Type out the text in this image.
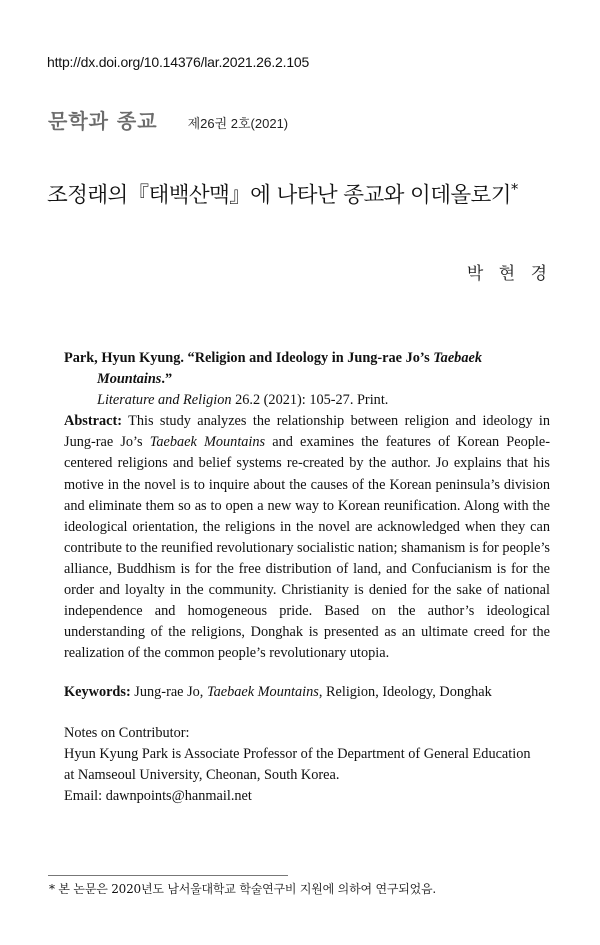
http://dx.doi.org/10.14376/lar.2021.26.2.105
문학과 종교 제26권 2호(2021)
조정래의『태백산맥』에 나타난 종교와 이데올로기*
박 현 경

Park, Hyun Kyung. “Religion and Ideology in Jung-rae Jo’s Taebaek Mountains.”
Literature and Religion 26.2 (2021): 105-27. Print.

Abstract: This study analyzes the relationship between religion and ideology in Jung-rae Jo’s Taebaek Mountains and examines the features of Korean People-centered religions and belief systems re-created by the author. Jo explains that his motive in the novel is to inquire about the causes of the Korean peninsula’s division and eliminate them so as to open a new way to Korean reunification. Along with the ideological orientation, the religions in the novel are acknowledged when they can contribute to the reunified revolutionary socialistic nation; shamanism is for people’s alliance, Buddhism is for the free distribution of land, and Confucianism is for the order and loyalty in the community. Christianity is denied for the sake of national independence and homogeneous pride. Based on the author’s ideological understanding of the religions, Donghak is presented as an ultimate creed for the realization of the common people’s revolutionary utopia.

Keywords: Jung-rae Jo, Taebaek Mountains, Religion, Ideology, Donghak

Notes on Contributor:
Hyun Kyung Park is Associate Professor of the Department of General Education
at Namseoul University, Cheonan, South Korea.
Email: dawnpoints@hanmail.net

* 본 논문은 2020년도 남서울대학교 학술연구비 지원에 의하여 연구되었음.
